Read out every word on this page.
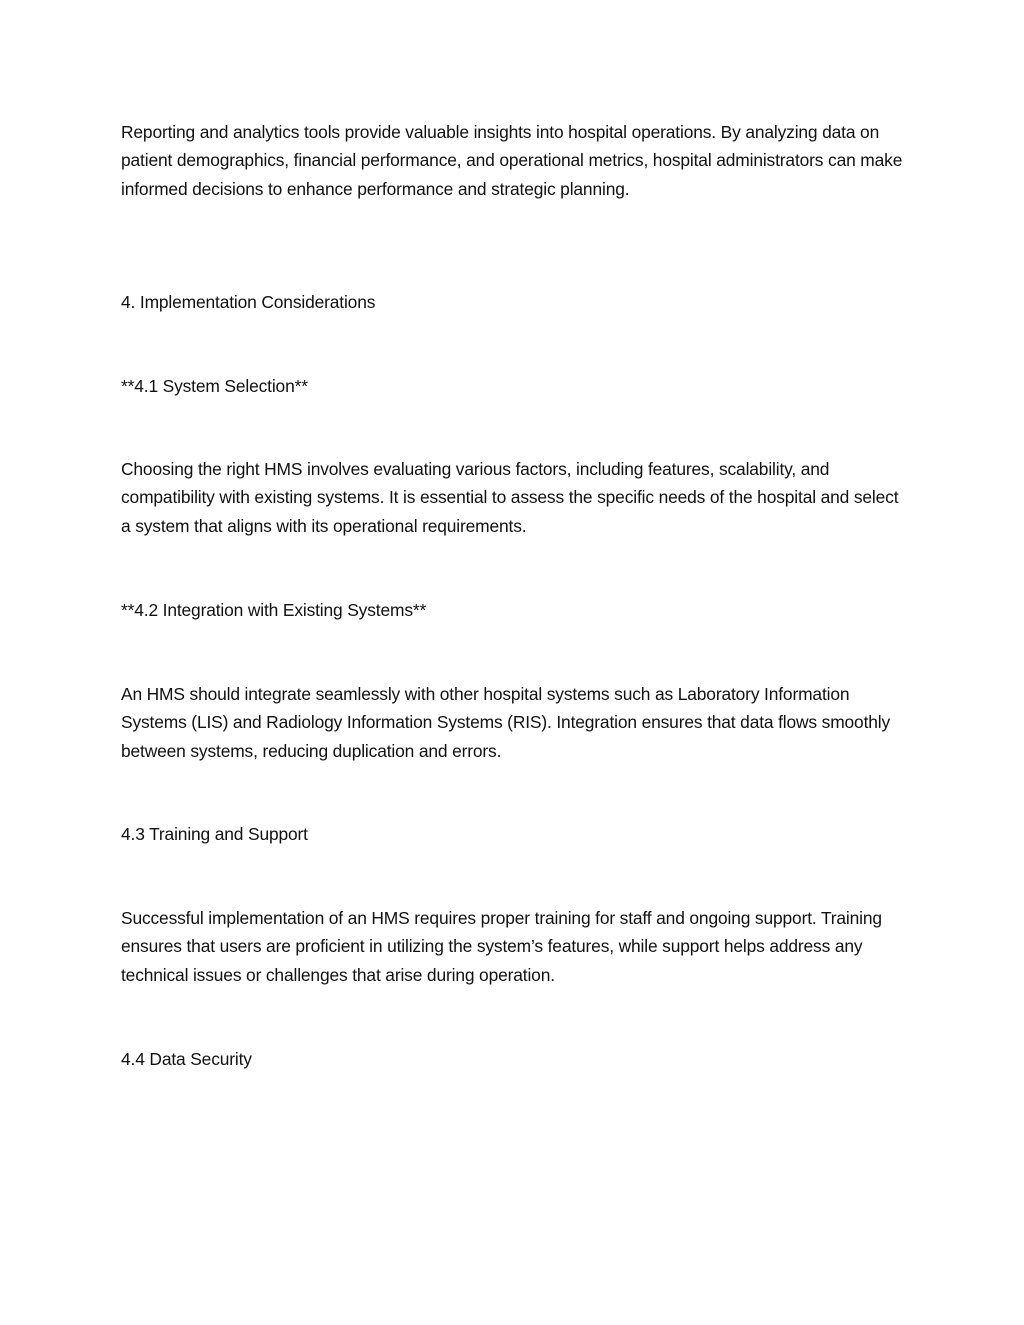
Reporting and analytics tools provide valuable insights into hospital operations. By analyzing data on patient demographics, financial performance, and operational metrics, hospital administrators can make informed decisions to enhance performance and strategic planning.

4. Implementation Considerations

**4.1 System Selection**

Choosing the right HMS involves evaluating various factors, including features, scalability, and compatibility with existing systems. It is essential to assess the specific needs of the hospital and select a system that aligns with its operational requirements.

**4.2 Integration with Existing Systems**

An HMS should integrate seamlessly with other hospital systems such as Laboratory Information Systems (LIS) and Radiology Information Systems (RIS). Integration ensures that data flows smoothly between systems, reducing duplication and errors.

4.3 Training and Support

Successful implementation of an HMS requires proper training for staff and ongoing support. Training ensures that users are proficient in utilizing the system’s features, while support helps address any technical issues or challenges that arise during operation.

4.4 Data Security
